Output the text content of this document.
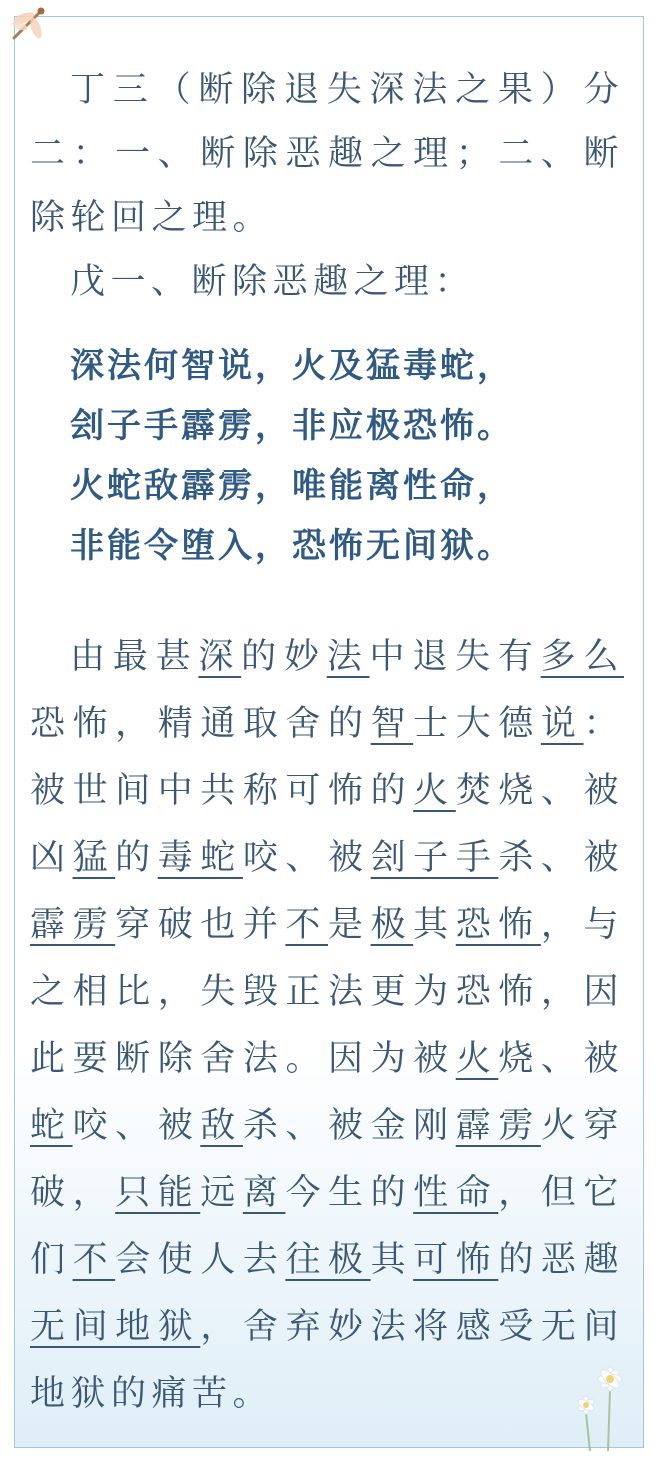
丁三（断除退失深法之果）分二：一、断除恶趣之理；二、断除轮回之理。

戊一、断除恶趣之理：

深法何智说，火及猛毒蛇，

刽子手霹雳，非应极恐怖。

火蛇敌霹雳，唯能离性命，

非能令堕入，恐怖无间狱。

由最甚深的妙法中退失有多么恐怖，精通取舍的智士大德说：被世间中共称可怖的火焚烧、被凶猛的毒蛇咬、被刽子手杀、被霹雳穿破也并不是极其恐怖，与之相比，失毁正法更为恐怖，因此要断除舍法。因为被火烧、被蛇咬、被敌杀、被金刚霹雳火穿破，只能远离今生的性命，但它们不会使人去往极其可怖的恶趣无间地狱，舍弃妙法将感受无间地狱的痛苦。
